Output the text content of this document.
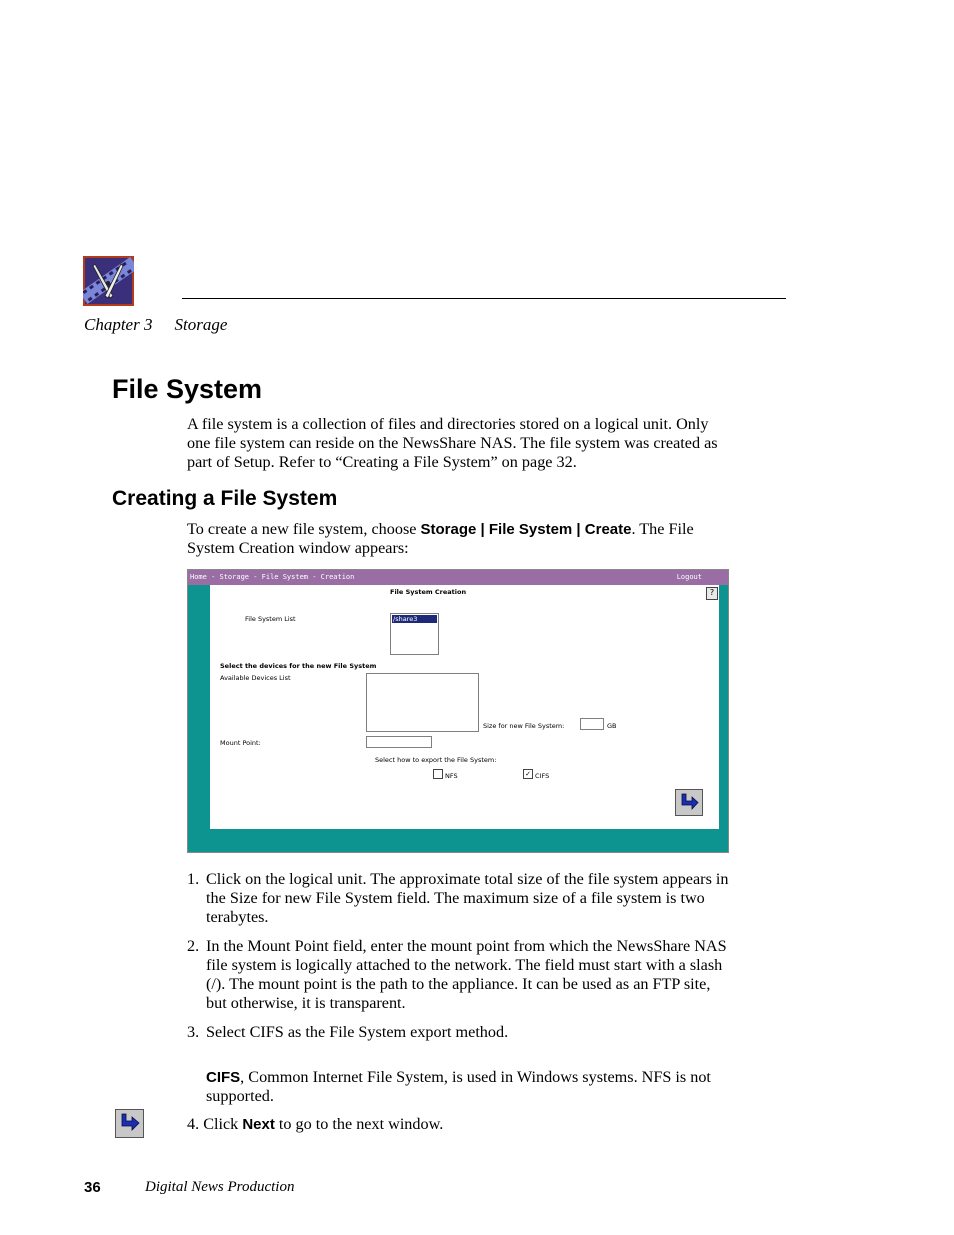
Chapter 3 Storage
File System

A file system is a collection of files and directories stored on a logical unit. Only one file system can reside on the NewsShare NAS. The file system was created as part of Setup. Refer to “Creating a File System” on page 32.

Creating a File System

To create a new file system, choose Storage | File System | Create. The File System Creation window appears:

Home - Storage - File System - Creation	Logout
File System Creation	?
File System List	/share3
Select the devices for the new File System
Available Devices List
Size for new File System:	GB
Mount Point:
Select how to export the File System:
NFS	✓ CIFS
1. Click on the logical unit. The approximate total size of the file system appears in the Size for new File System field. The maximum size of a file system is two terabytes.
2. In the Mount Point field, enter the mount point from which the NewsShare NAS file system is logically attached to the network. The field must start with a slash
(/). The mount point is the path to the appliance. It can be used as an FTP site, but otherwise, it is transparent.
3. Select CIFS as the File System export method.

CIFS, Common Internet File System, is used in Windows systems. NFS is not supported.

4. Click Next to go to the next window.

36	Digital News Production
